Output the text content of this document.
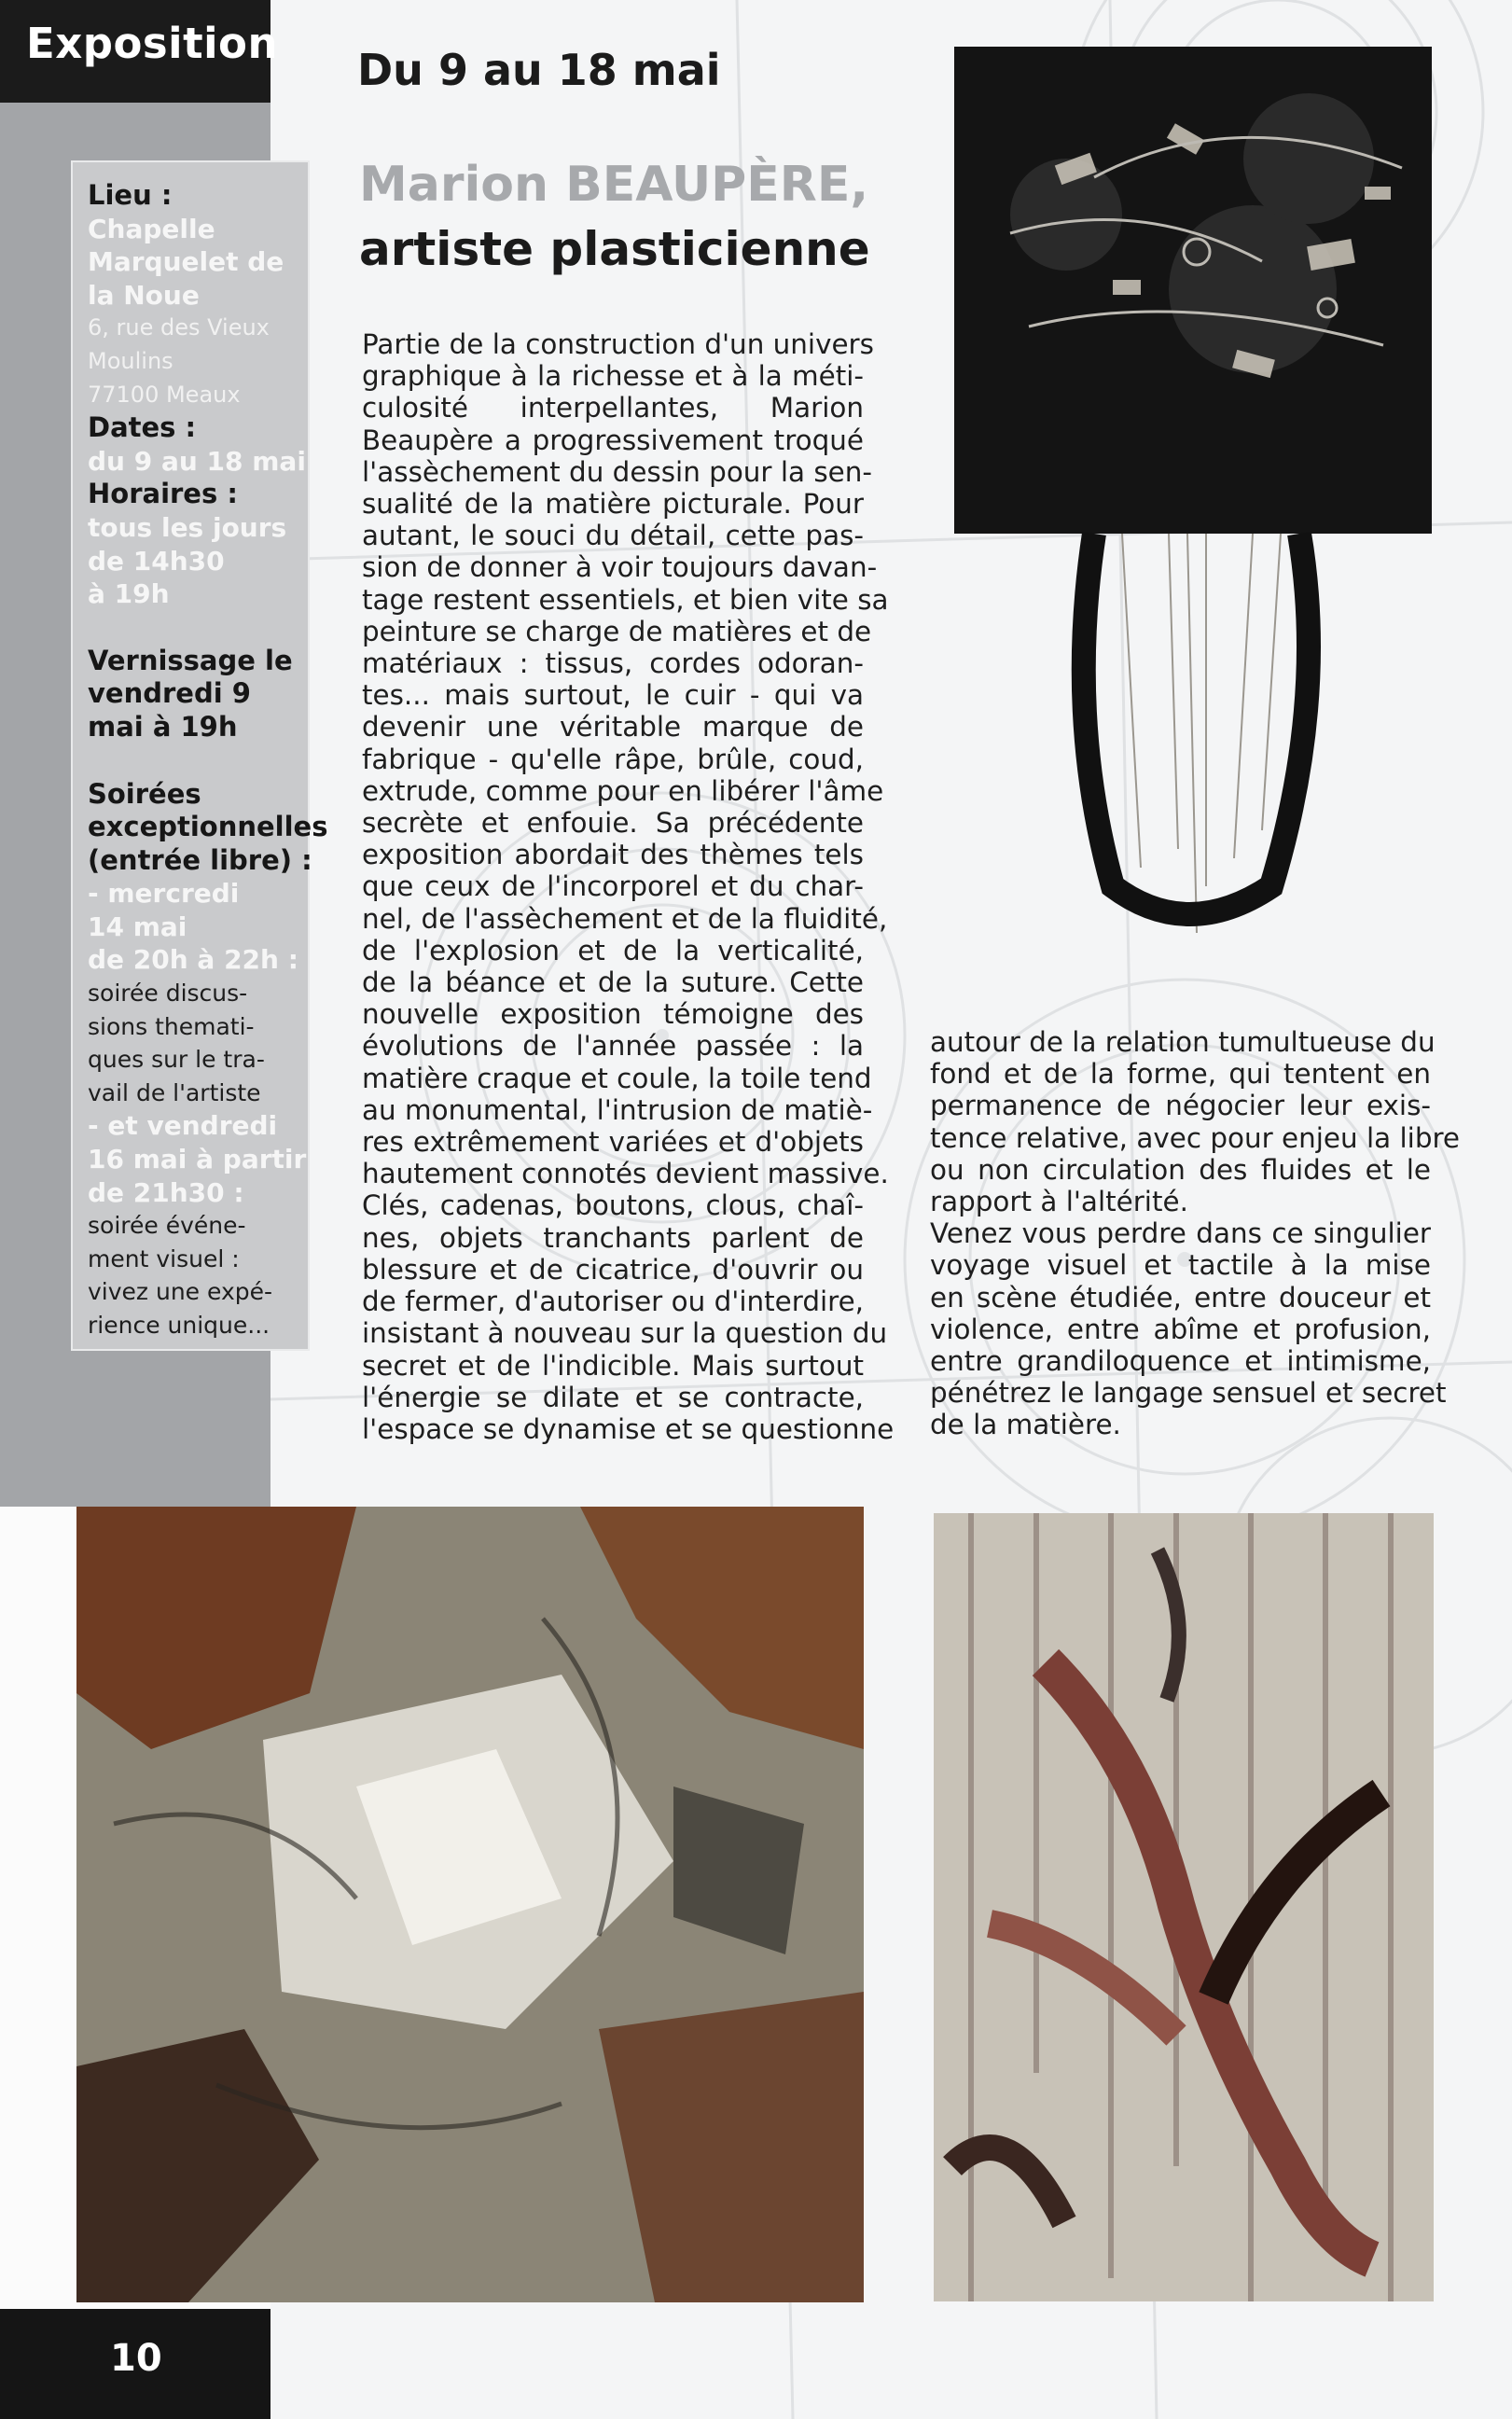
Exposition
Lieu :
Chapelle
Marquelet de
la Noue
6, rue des Vieux
Moulins
77100 Meaux
Dates :
du 9 au 18 mai
Horaires :
tous les jours
de 14h30
à 19h
Vernissage le
vendredi 9
mai à 19h
Soirées
exceptionnelles
(entrée libre) :
- mercredi
14 mai
de 20h à 22h :
soirée discus-
sions themati-
ques sur le tra-
vail de l'artiste
- et vendredi
16 mai à partir
de 21h30 :
soirée événe-
ment visuel :
vivez une expé-
rience unique...
10
Du 9 au 18 mai
Marion BEAUPÈRE,
artiste plasticienne
Partie de la construction d'un univers
graphique à la richesse et à la méti-
culosité interpellantes, Marion
Beaupère a progressivement troqué
l'assèchement du dessin pour la sen-
sualité de la matière picturale. Pour
autant, le souci du détail, cette pas-
sion de donner à voir toujours davan-
tage restent essentiels, et bien vite sa
peinture se charge de matières et de
matériaux : tissus, cordes odoran-
tes... mais surtout, le cuir - qui va
devenir une véritable marque de
fabrique - qu'elle râpe, brûle, coud,
extrude, comme pour en libérer l'âme
secrète et enfouie. Sa précédente
exposition abordait des thèmes tels
que ceux de l'incorporel et du char-
nel, de l'assèchement et de la fluidité,
de l'explosion et de la verticalité,
de la béance et de la suture. Cette
nouvelle exposition témoigne des
évolutions de l'année passée : la
matière craque et coule, la toile tend
au monumental, l'intrusion de matiè-
res extrêmement variées et d'objets
hautement connotés devient massive.
Clés, cadenas, boutons, clous, chaî-
nes, objets tranchants parlent de
blessure et de cicatrice, d'ouvrir ou
de fermer, d'autoriser ou d'interdire,
insistant à nouveau sur la question du
secret et de l'indicible. Mais surtout
l'énergie se dilate et se contracte,
l'espace se dynamise et se questionne
autour de la relation tumultueuse du
fond et de la forme, qui tentent en
permanence de négocier leur exis-
tence relative, avec pour enjeu la libre
ou non circulation des fluides et le
rapport à l'altérité.
Venez vous perdre dans ce singulier
voyage visuel et tactile à la mise
en scène étudiée, entre douceur et
violence, entre abîme et profusion,
entre grandiloquence et intimisme,
pénétrez le langage sensuel et secret
de la matière.
